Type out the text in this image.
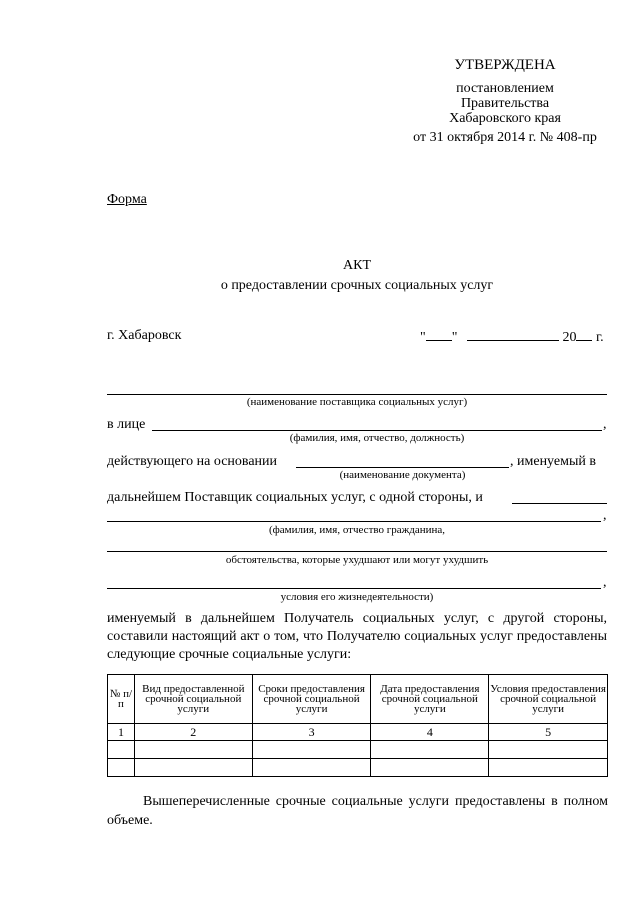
УТВЕРЖДЕНА
постановлением
Правительства
Хабаровского края
от 31 октября 2014 г. № 408-пр
Форма
АКТ
о предоставлении срочных социальных услуг
г. Хабаровск	" "	20 г.
(наименование поставщика социальных услуг)
в лице	,
(фамилия, имя, отчество, должность)
действующего на основании	, именуемый в
(наименование документа)
дальнейшем Поставщик социальных услуг, с одной стороны, и
,
(фамилия, имя, отчество гражданина,
обстоятельства, которые ухудшают или могут ухудшить
,
условия его жизнедеятельности)
именуемый в дальнейшем Получатель социальных услуг, с другой стороны, составили настоящий акт о том, что Получателю социальных услуг предоставлены следующие срочные социальные услуги:
№ п/п	Вид предоставленной срочной социальной услуги	Сроки предоставления срочной социальной услуги	Дата предоставления срочной социальной услуги	Условия предоставления срочной социальной услуги
1	2	3	4	5

Вышеперечисленные срочные социальные услуги предоставлены в полном объеме.
